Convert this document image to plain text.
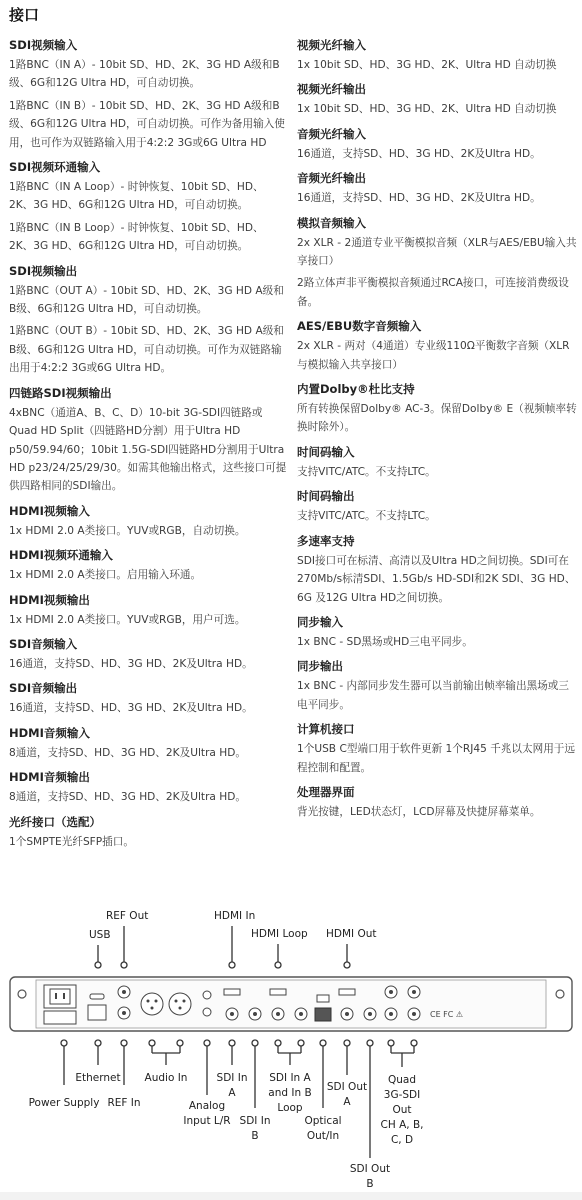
接口
SDI视频输入

1路BNC（IN A）- 10bit SD、HD、2K、3G HD A级和B级、6G和12G Ultra HD，可自动切换。

1路BNC（IN B）- 10bit SD、HD、2K、3G HD A级和B级、6G和12G Ultra HD，可自动切换。可作为备用输入使用，也可作为双链路输入用于4:2:2 3G或6G Ultra HD

SDI视频环通输入

1路BNC（IN A Loop）- 时钟恢复、10bit SD、HD、2K、3G HD、6G和12G Ultra HD，可自动切换。

1路BNC（IN B Loop）- 时钟恢复、10bit SD、HD、2K、3G HD、6G和12G Ultra HD，可自动切换。

SDI视频输出

1路BNC（OUT A）- 10bit SD、HD、2K、3G HD A级和B级、6G和12G Ultra HD，可自动切换。

1路BNC（OUT B）- 10bit SD、HD、2K、3G HD A级和B级、6G和12G Ultra HD，可自动切换。可作为双链路输出用于4:2:2 3G或6G Ultra HD。

四链路SDI视频输出

4xBNC（通道A、B、C、D）10-bit 3G-SDI四链路或Quad HD Split（四链路HD分割）用于Ultra HD p50/59.94/60；10bit 1.5G-SDI四链路HD分割用于Ultra HD p23/24/25/29/30。如需其他输出格式，这些接口可提供四路相同的SDI输出。

HDMI视频输入

1x HDMI 2.0 A类接口。YUV或RGB，自动切换。

HDMI视频环通输入

1x HDMI 2.0 A类接口。启用输入环通。

HDMI视频输出

1x HDMI 2.0 A类接口。YUV或RGB，用户可选。

SDI音频输入

16通道，支持SD、HD、3G HD、2K及Ultra HD。

SDI音频输出

16通道，支持SD、HD、3G HD、2K及Ultra HD。

HDMI音频输入

8通道，支持SD、HD、3G HD、2K及Ultra HD。

HDMI音频输出

8通道，支持SD、HD、3G HD、2K及Ultra HD。

光纤接口（选配）

1个SMPTE光纤SFP插口。

视频光纤输入

1x 10bit SD、HD、3G HD、2K、Ultra HD 自动切换

视频光纤输出

1x 10bit SD、HD、3G HD、2K、Ultra HD 自动切换

音频光纤输入

16通道，支持SD、HD、3G HD、2K及Ultra HD。

音频光纤输出

16通道，支持SD、HD、3G HD、2K及Ultra HD。

模拟音频输入

2x XLR - 2通道专业平衡模拟音频（XLR与AES/EBU输入共享接口）

2路立体声非平衡模拟音频通过RCA接口，可连接消费级设备。

AES/EBU数字音频输入

2x XLR - 两对（4通道）专业级110Ω平衡数字音频（XLR与模拟输入共享接口）

内置Dolby®杜比支持

所有转换保留Dolby® AC-3。保留Dolby® E（视频帧率转换时除外）。

时间码输入

支持VITC/ATC。不支持LTC。

时间码输出

支持VITC/ATC。不支持LTC。

多速率支持

SDI接口可在标清、高清以及Ultra HD之间切换。SDI可在270Mb/s标清SDI、1.5Gb/s HD-SDI和2K SDI、3G HD、6G 及12G Ultra HD之间切换。

同步输入

1x BNC - SD黑场或HD三电平同步。

同步输出

1x BNC - 内部同步发生器可以当前输出帧率输出黑场或三电平同步。

计算机接口

1个USB C型端口用于软件更新 1个RJ45 千兆以太网用于远程控制和配置。

处理器界面

背光按键，LED状态灯，LCD屏幕及快捷屏幕菜单。

USB
REF Out	HDMI In
HDMI Loop HDMI Out
CE FC ⚠
Power Supply
Ethernet
REF In
Audio In
Analog
Input L/R
SDI In
A
SDI In
B
SDI In A
and In B
Loop
Optical
Out/In
SDI Out
A
SDI Out
B
Quad
3G-SDI
Out
CH A, B,
C, D
